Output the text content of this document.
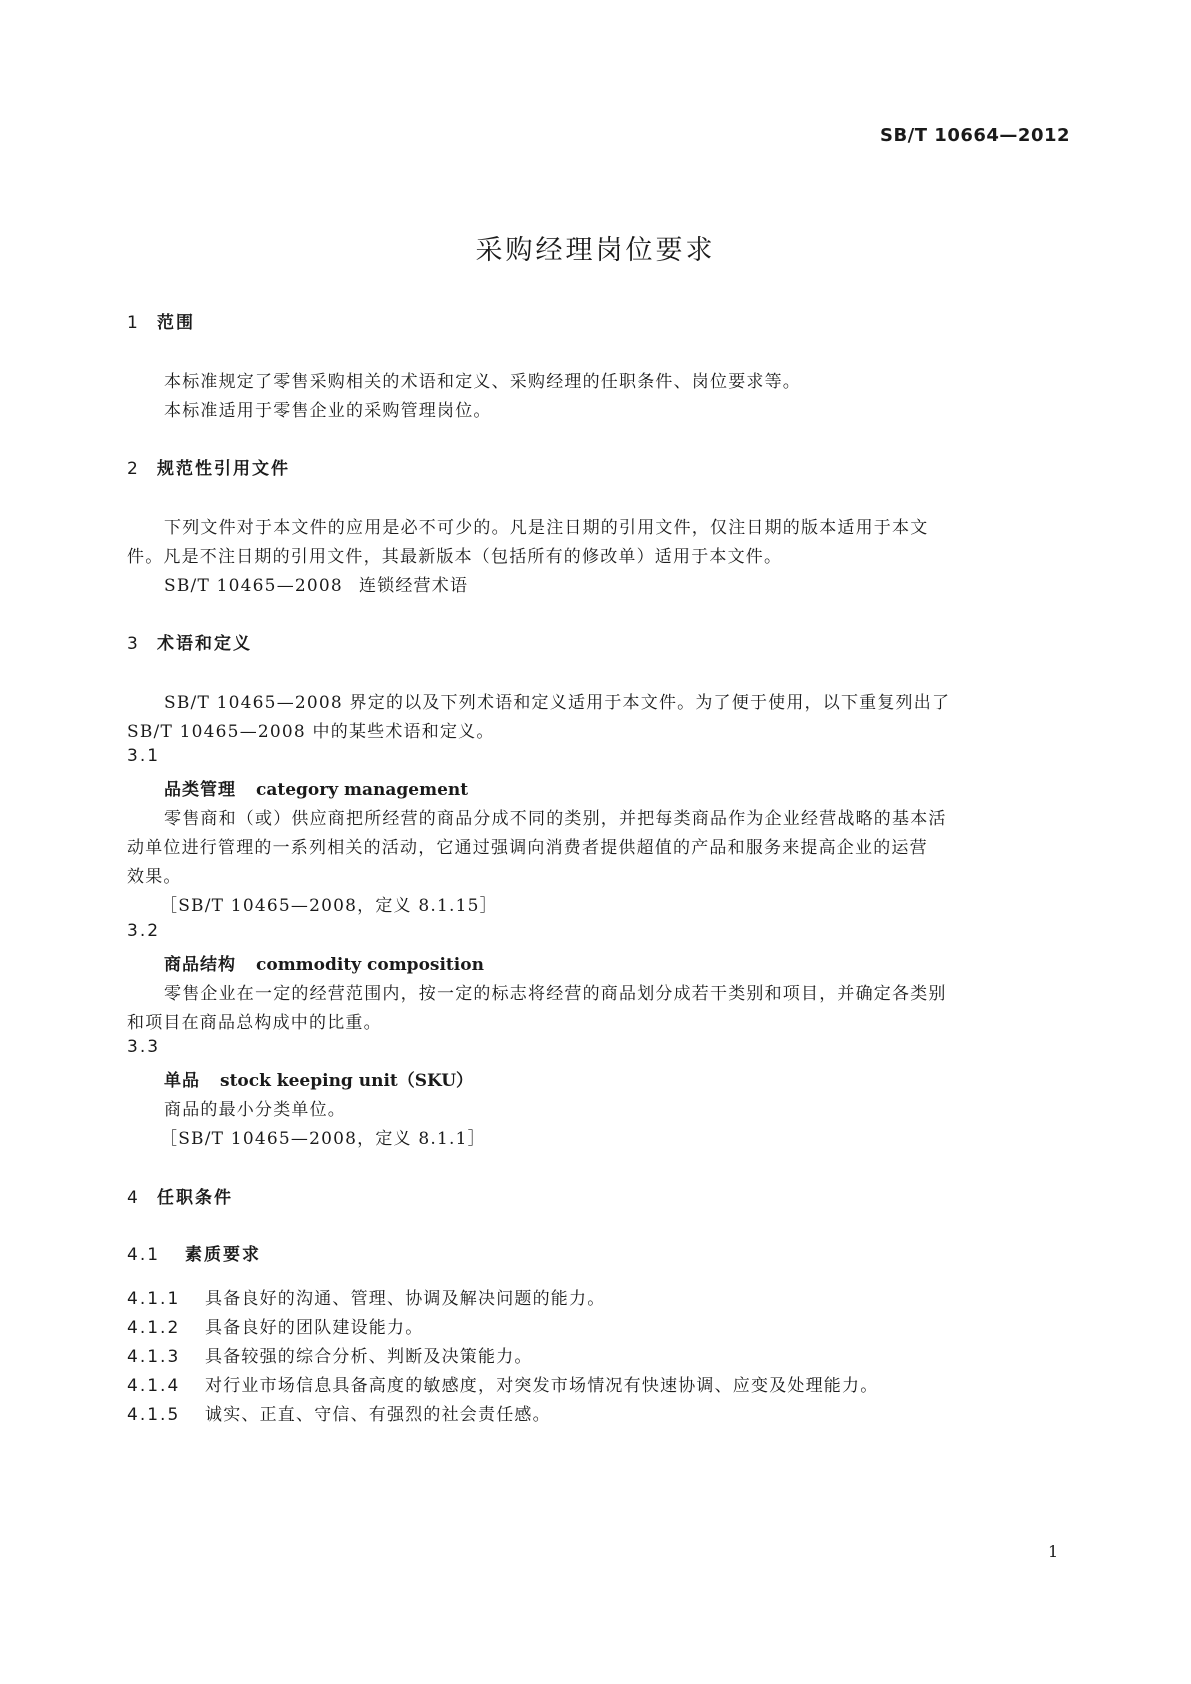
SB/T 10664—2012
采购经理岗位要求
1 范围
本标准规定了零售采购相关的术语和定义、采购经理的任职条件、岗位要求等。
本标准适用于零售企业的采购管理岗位。
2 规范性引用文件
下列文件对于本文件的应用是必不可少的。凡是注日期的引用文件，仅注日期的版本适用于本文
件。凡是不注日期的引用文件，其最新版本（包括所有的修改单）适用于本文件。
SB/T 10465—2008 连锁经营术语
3 术语和定义
SB/T 10465—2008 界定的以及下列术语和定义适用于本文件。为了便于使用，以下重复列出了
SB/T 10465—2008 中的某些术语和定义。
3.1
品类管理 category management
零售商和（或）供应商把所经营的商品分成不同的类别，并把每类商品作为企业经营战略的基本活
动单位进行管理的一系列相关的活动，它通过强调向消费者提供超值的产品和服务来提高企业的运营
效果。
［SB/T 10465—2008，定义 8.1.15］
3.2
商品结构 commodity composition
零售企业在一定的经营范围内，按一定的标志将经营的商品划分成若干类别和项目，并确定各类别
和项目在商品总构成中的比重。
3.3
单品 stock keeping unit（SKU）
商品的最小分类单位。
［SB/T 10465—2008，定义 8.1.1］
4 任职条件
4.1 素质要求
4.1.1 具备良好的沟通、管理、协调及解决问题的能力。
4.1.2 具备良好的团队建设能力。
4.1.3 具备较强的综合分析、判断及决策能力。
4.1.4 对行业市场信息具备高度的敏感度，对突发市场情况有快速协调、应变及处理能力。
4.1.5 诚实、正直、守信、有强烈的社会责任感。
1
